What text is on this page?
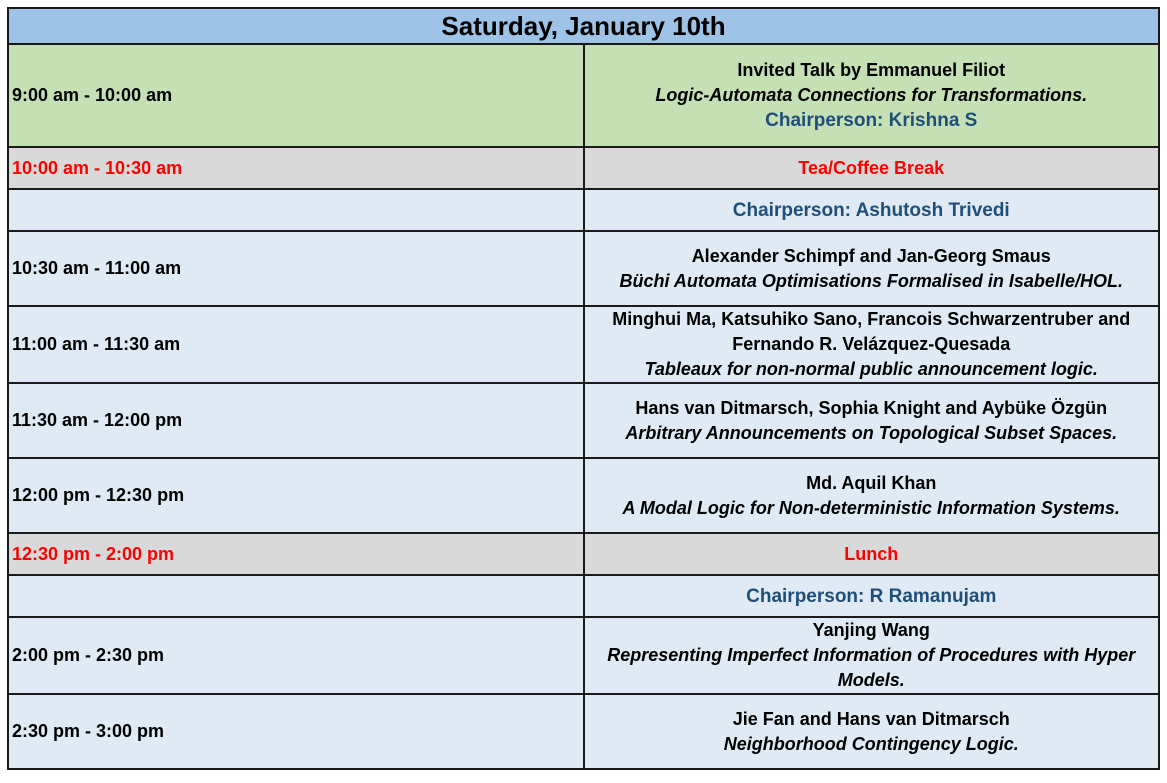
Saturday, January 10th	
9:00 am - 10:00 am	Invited Talk by Emmanuel Filiot
Logic-Automata Connections for Transformations.
Chairperson: Krishna S

10:00 am - 10:30 am	Tea/Coffee Break
	Chairperson: Ashutosh Trivedi
10:30 am - 11:00 am	Alexander Schimpf and Jan-Georg Smaus
Büchi Automata Optimisations Formalised in Isabelle/HOL.

11:00 am - 11:30 am	Minghui Ma, Katsuhiko Sano, Francois Schwarzentruber and Fernando R. Velázquez-Quesada
Tableaux for non-normal public announcement logic.

11:30 am - 12:00 pm	Hans van Ditmarsch, Sophia Knight and Aybüke Özgün
Arbitrary Announcements on Topological Subset Spaces.

12:00 pm - 12:30 pm	Md. Aquil Khan
A Modal Logic for Non-deterministic Information Systems.

12:30 pm - 2:00 pm	Lunch
	Chairperson: R Ramanujam
2:00 pm - 2:30 pm	Yanjing Wang
Representing Imperfect Information of Procedures with Hyper Models.

2:30 pm - 3:00 pm	Jie Fan and Hans van Ditmarsch
Neighborhood Contingency Logic.
